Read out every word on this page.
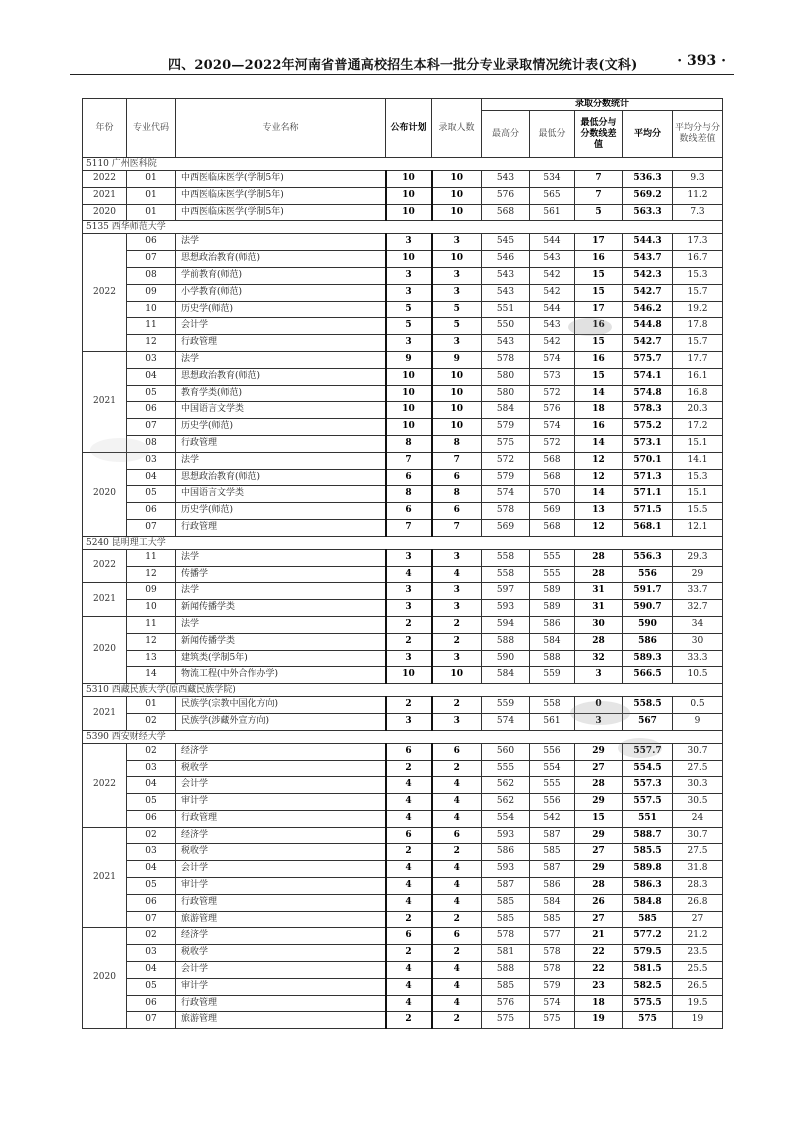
四、2020—2022年河南省普通高校招生本科一批分专业录取情况统计表(文科)	· 393 ·
年份	专业代码	专业名称	公布计划	录取人数	录取分数统计				
					最高分	最低分	最低分与分数线差值	平均分	平均分与分数线差值
5110 广州医科院									
2022	01	中西医临床医学(学制5年)	10	10	543	534	7	536.3	9.3
2021	01	中西医临床医学(学制5年)	10	10	576	565	7	569.2	11.2
2020	01	中西医临床医学(学制5年)	10	10	568	561	5	563.3	7.3
5135 西华师范大学									
2022	06	法学	3	3	545	544	17	544.3	17.3
	07	思想政治教育(师范)	10	10	546	543	16	543.7	16.7
	08	学前教育(师范)	3	3	543	542	15	542.3	15.3
	09	小学教育(师范)	3	3	543	542	15	542.7	15.7
	10	历史学(师范)	5	5	551	544	17	546.2	19.2
	11	会计学	5	5	550	543	16	544.8	17.8
	12	行政管理	3	3	543	542	15	542.7	15.7
2021	03	法学	9	9	578	574	16	575.7	17.7
	04	思想政治教育(师范)	10	10	580	573	15	574.1	16.1
	05	教育学类(师范)	10	10	580	572	14	574.8	16.8
	06	中国语言文学类	10	10	584	576	18	578.3	20.3
	07	历史学(师范)	10	10	579	574	16	575.2	17.2
	08	行政管理	8	8	575	572	14	573.1	15.1
2020	03	法学	7	7	572	568	12	570.1	14.1
	04	思想政治教育(师范)	6	6	579	568	12	571.3	15.3
	05	中国语言文学类	8	8	574	570	14	571.1	15.1
	06	历史学(师范)	6	6	578	569	13	571.5	15.5
	07	行政管理	7	7	569	568	12	568.1	12.1
5240 昆明理工大学									
2022	11	法学	3	3	558	555	28	556.3	29.3
	12	传播学	4	4	558	555	28	556	29
2021	09	法学	3	3	597	589	31	591.7	33.7
	10	新闻传播学类	3	3	593	589	31	590.7	32.7
2020	11	法学	2	2	594	586	30	590	34
	12	新闻传播学类	2	2	588	584	28	586	30
	13	建筑类(学制5年)	3	3	590	588	32	589.3	33.3
	14	物流工程(中外合作办学)	10	10	584	559	3	566.5	10.5
5310 西藏民族大学(原西藏民族学院)									
2021	01	民族学(宗教中国化方向)	2	2	559	558	0	558.5	0.5
	02	民族学(涉藏外宣方向)	3	3	574	561	3	567	9
5390 西安财经大学									
2022	02	经济学	6	6	560	556	29	557.7	30.7
	03	税收学	2	2	555	554	27	554.5	27.5
	04	会计学	4	4	562	555	28	557.3	30.3
	05	审计学	4	4	562	556	29	557.5	30.5
	06	行政管理	4	4	554	542	15	551	24
2021	02	经济学	6	6	593	587	29	588.7	30.7
	03	税收学	2	2	586	585	27	585.5	27.5
	04	会计学	4	4	593	587	29	589.8	31.8
	05	审计学	4	4	587	586	28	586.3	28.3
	06	行政管理	4	4	585	584	26	584.8	26.8
	07	旅游管理	2	2	585	585	27	585	27
2020	02	经济学	6	6	578	577	21	577.2	21.2
	03	税收学	2	2	581	578	22	579.5	23.5
	04	会计学	4	4	588	578	22	581.5	25.5
	05	审计学	4	4	585	579	23	582.5	26.5
	06	行政管理	4	4	576	574	18	575.5	19.5
	07	旅游管理	2	2	575	575	19	575	19
